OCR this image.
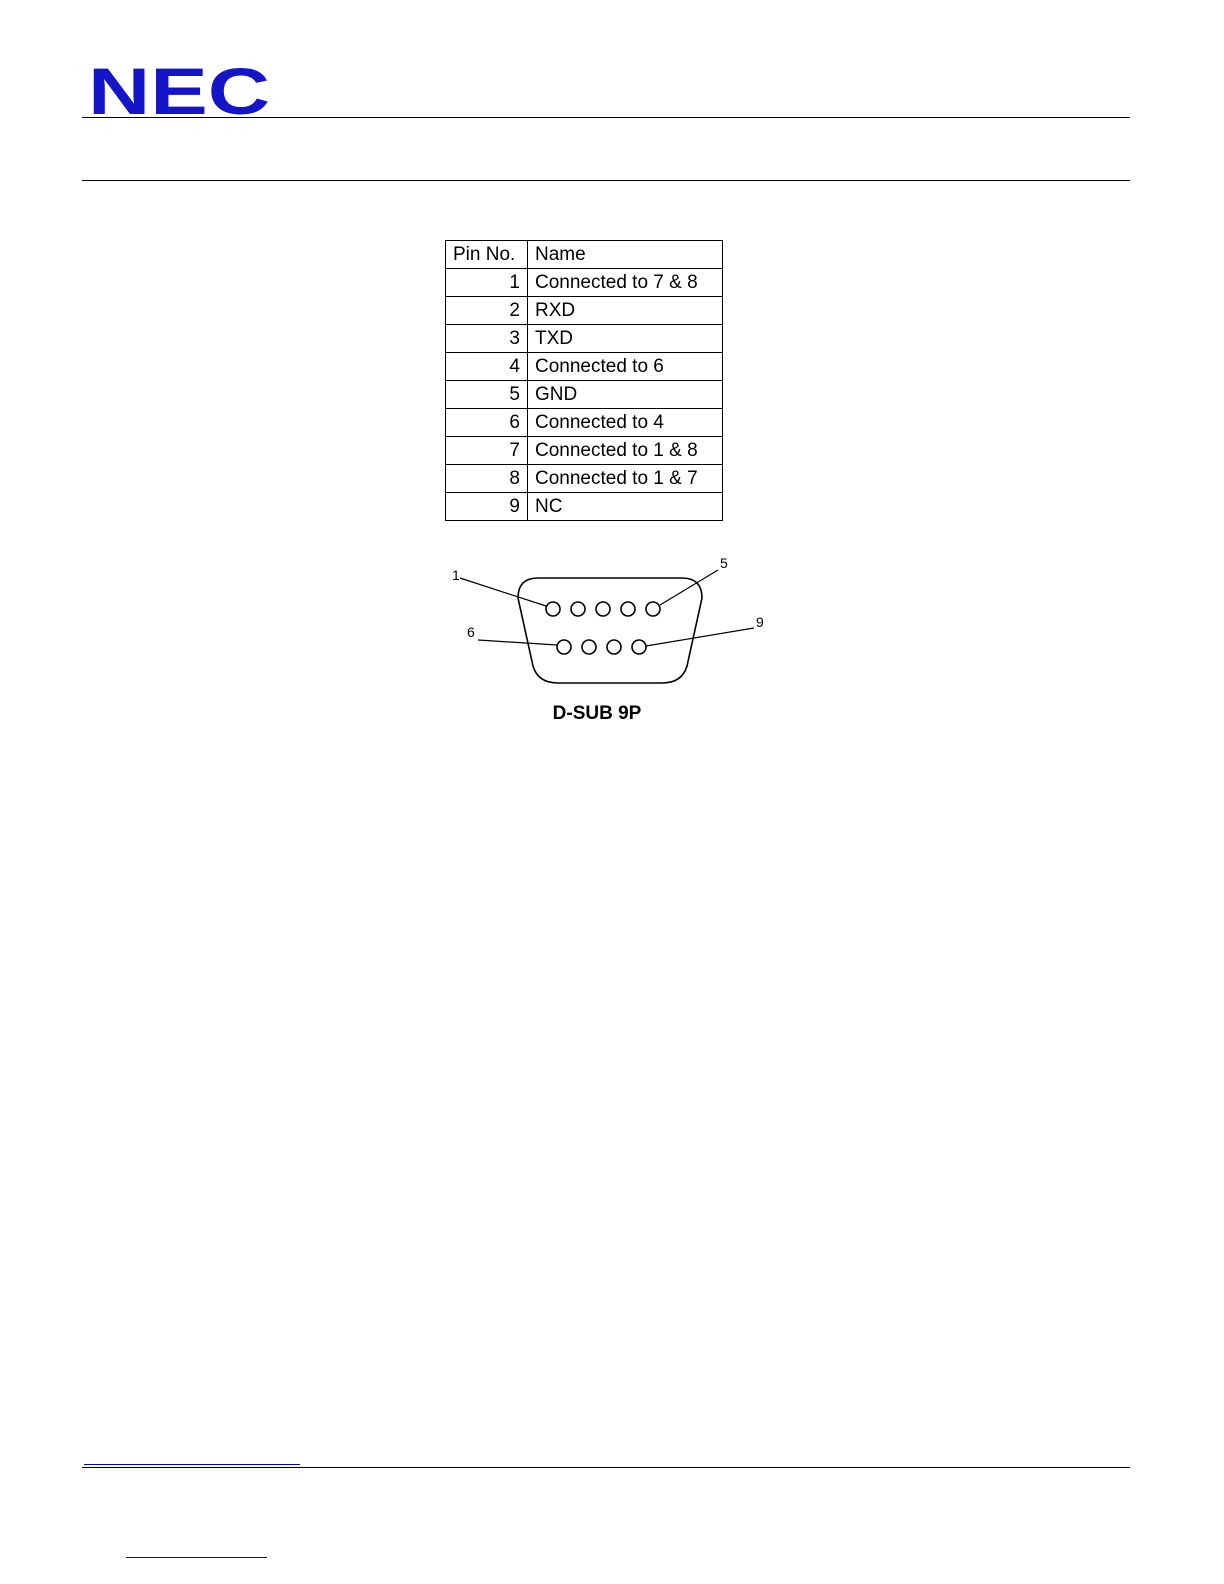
NEC
Pin No.	Name
1	Connected to 7 & 8
2	RXD
3	TXD
4	Connected to 6
5	GND
6	Connected to 4
7	Connected to 1 & 8
8	Connected to 1 & 7
9	NC
1
5
6
9
D-SUB 9P
